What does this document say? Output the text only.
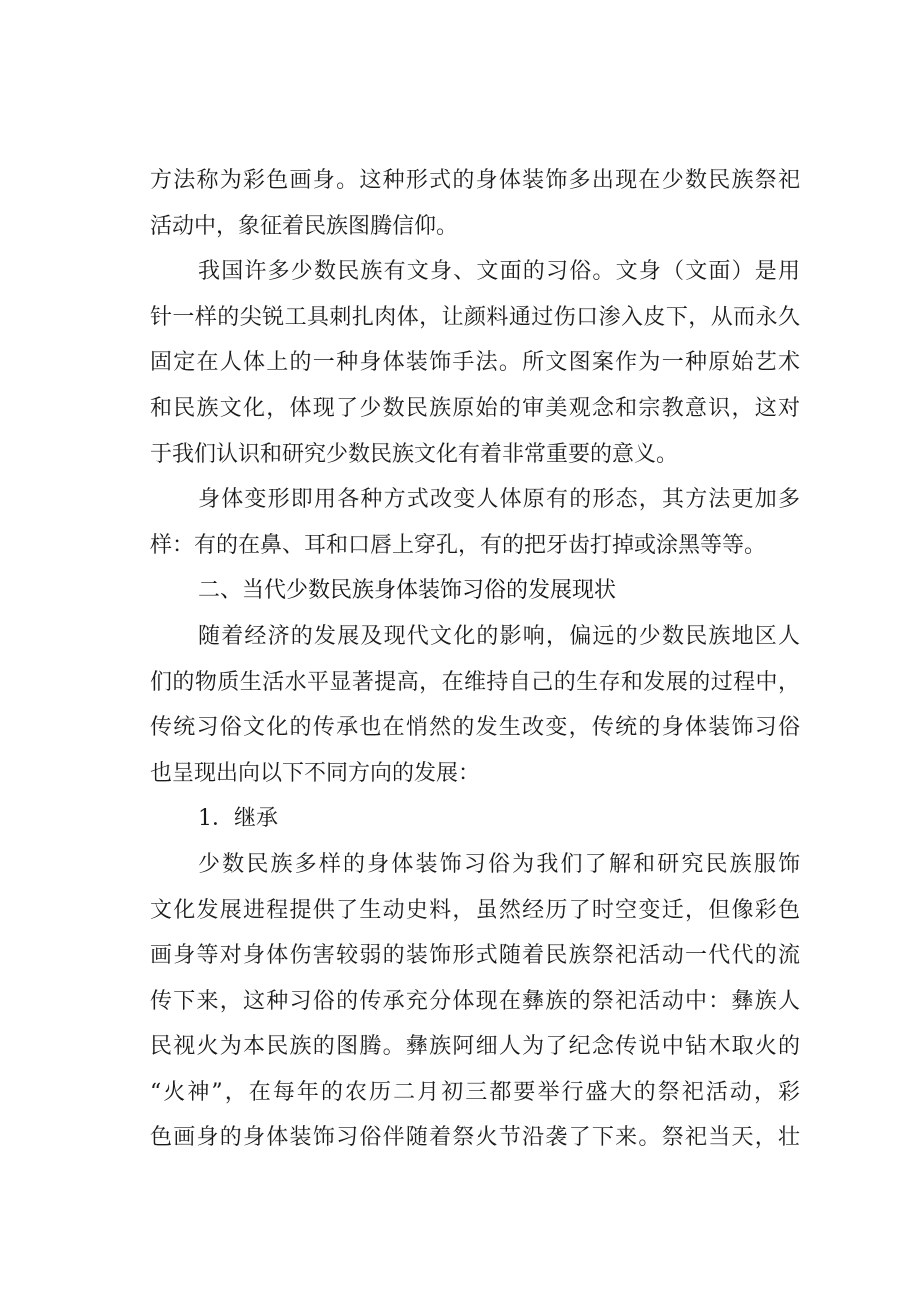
方法称为彩色画身。这种形式的身体装饰多出现在少数民族祭祀
活动中，象征着民族图腾信仰。
我国许多少数民族有文身、文面的习俗。文身（文面）是用
针一样的尖锐工具刺扎肉体，让颜料通过伤口渗入皮下，从而永久
固定在人体上的一种身体装饰手法。所文图案作为一种原始艺术
和民族文化，体现了少数民族原始的审美观念和宗教意识，这对
于我们认识和研究少数民族文化有着非常重要的意义。
身体变形即用各种方式改变人体原有的形态，其方法更加多
样：有的在鼻、耳和口唇上穿孔，有的把牙齿打掉或涂黑等等。
二、当代少数民族身体装饰习俗的发展现状
随着经济的发展及现代文化的影响，偏远的少数民族地区人
们的物质生活水平显著提高，在维持自己的生存和发展的过程中，
传统习俗文化的传承也在悄然的发生改变，传统的身体装饰习俗
也呈现出向以下不同方向的发展：
1．继承
少数民族多样的身体装饰习俗为我们了解和研究民族服饰
文化发展进程提供了生动史料，虽然经历了时空变迁，但像彩色
画身等对身体伤害较弱的装饰形式随着民族祭祀活动一代代的流
传下来，这种习俗的传承充分体现在彝族的祭祀活动中：彝族人
民视火为本民族的图腾。彝族阿细人为了纪念传说中钻木取火的
“火神”，在每年的农历二月初三都要举行盛大的祭祀活动，彩
色画身的身体装饰习俗伴随着祭火节沿袭了下来。祭祀当天，壮
